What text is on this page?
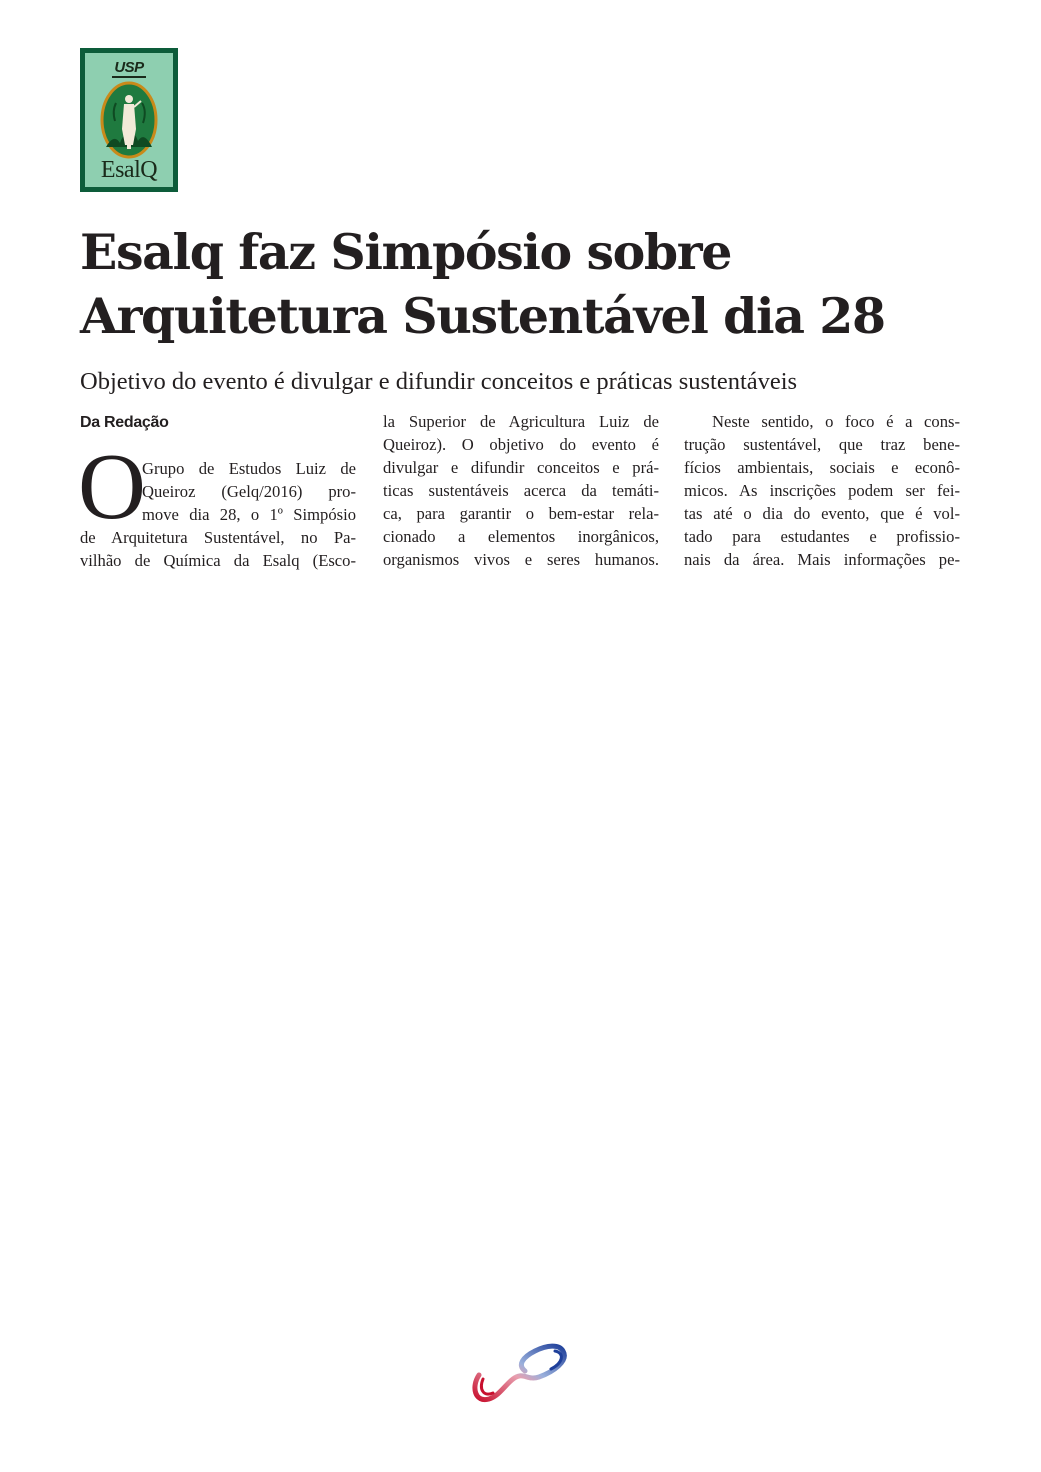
USP
EsalQ
Esalq faz Simpósio sobre
Arquitetura Sustentável dia 28

Objetivo do evento é divulgar e difundir conceitos e práticas sustentáveis

Da Redação
O
Grupo de Estudos Luiz de
Queiroz (Gelq/2016) pro-
move dia 28, o 1º Simpósio
de Arquitetura Sustentável, no Pa-
vilhão de Química da Esalq (Esco-
la Superior de Agricultura Luiz de
Queiroz). O objetivo do evento é
divulgar e difundir conceitos e prá-
ticas sustentáveis acerca da temáti-
ca, para garantir o bem-estar rela-
cionado a elementos inorgânicos,
organismos vivos e seres humanos.
Neste sentido, o foco é a cons-
trução sustentável, que traz bene-
fícios ambientais, sociais e econô-
micos. As inscrições podem ser fei-
tas até o dia do evento, que é vol-
tado para estudantes e profissio-
nais da área. Mais informações pe-
